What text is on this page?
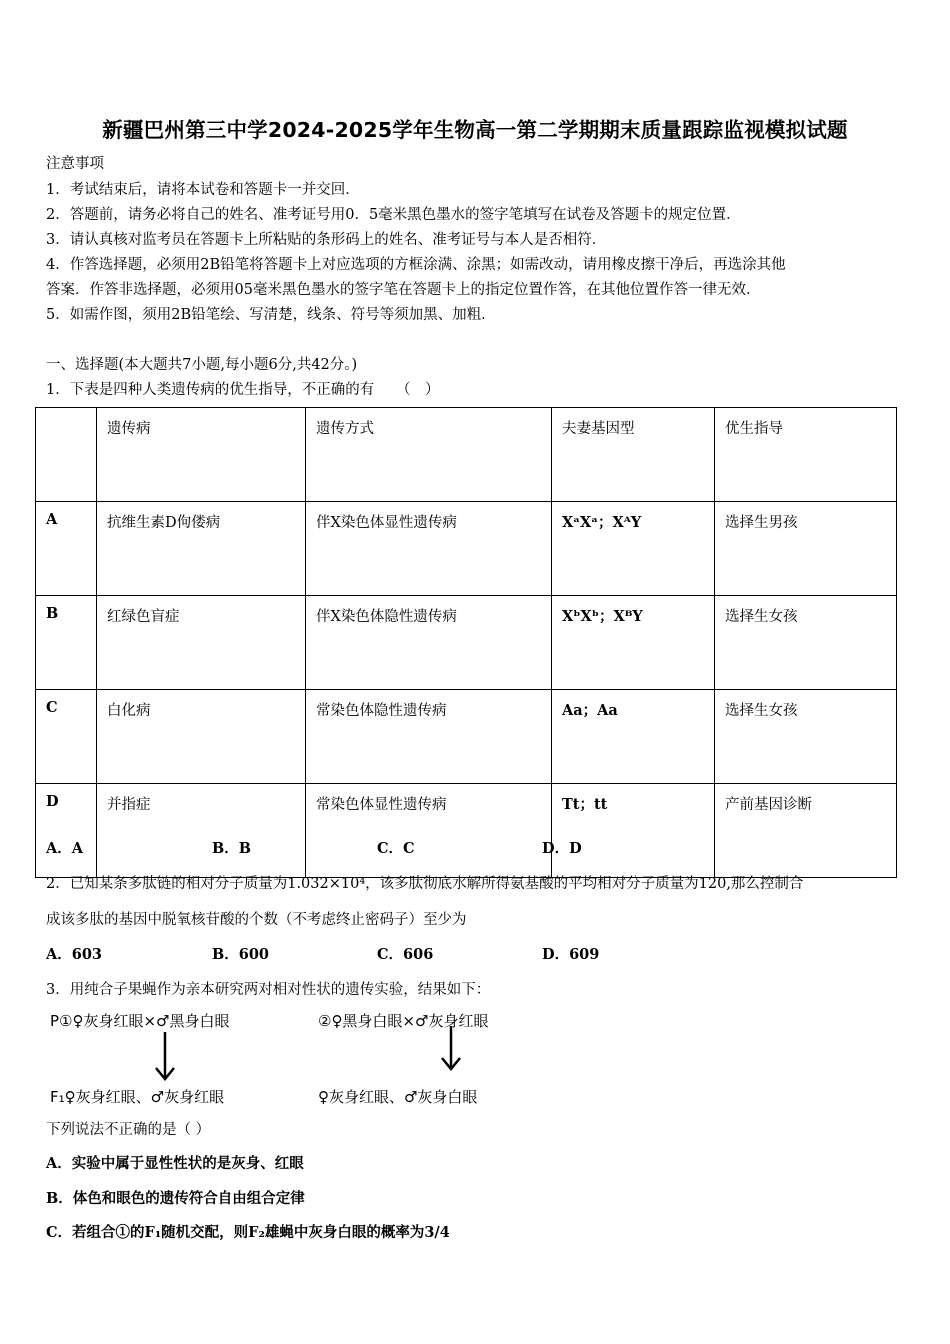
新疆巴州第三中学2024-2025学年生物高一第二学期期末质量跟踪监视模拟试题
注意事项
1．考试结束后，请将本试卷和答题卡一并交回．
2．答题前，请务必将自己的姓名、准考证号用0．5毫米黑色墨水的签字笔填写在试卷及答题卡的规定位置．
3．请认真核对监考员在答题卡上所粘贴的条形码上的姓名、准考证号与本人是否相符．
4．作答选择题，必须用2B铅笔将答题卡上对应选项的方框涂满、涂黑；如需改动，请用橡皮擦干净后，再选涂其他
答案．作答非选择题，必须用05毫米黑色墨水的签字笔在答题卡上的指定位置作答，在其他位置作答一律无效．
5．如需作图，须用2B铅笔绘、写清楚，线条、符号等须加黑、加粗．
一、选择题(本大题共7小题,每小题6分,共42分。)
1．下表是四种人类遗传病的优生指导，不正确的有　　（　）
	遗传病	遗传方式	夫妻基因型	优生指导
A	抗维生素D佝偻病	伴X染色体显性遗传病	XᵃXᵃ；XᴬY	选择生男孩
B	红绿色盲症	伴X染色体隐性遗传病	XᵇXᵇ；XᴮY	选择生女孩
C	白化病	常染色体隐性遗传病	Aa；Aa	选择生女孩
D	并指症	常染色体显性遗传病	Tt；tt	产前基因诊断
A．A	B．B	C．C	D．D
2．已知某条多肽链的相对分子质量为1.032×10⁴，该多肽彻底水解所得氨基酸的平均相对分子质量为120,那么控制合
成该多肽的基因中脱氧核苷酸的个数（不考虑终止密码子）至少为
A．603	B．600	C．606	D．609
3．用纯合子果蝇作为亲本研究两对相对性状的遗传实验，结果如下：
P①♀灰身红眼×♂黑身白眼	②♀黑身白眼×♂灰身红眼
F₁♀灰身红眼、♂灰身红眼	♀灰身红眼、♂灰身白眼
下列说法不正确的是（ ）
A．实验中属于显性性状的是灰身、红眼
B．体色和眼色的遗传符合自由组合定律
C．若组合①的F₁随机交配，则F₂雄蝇中灰身白眼的概率为3/4
